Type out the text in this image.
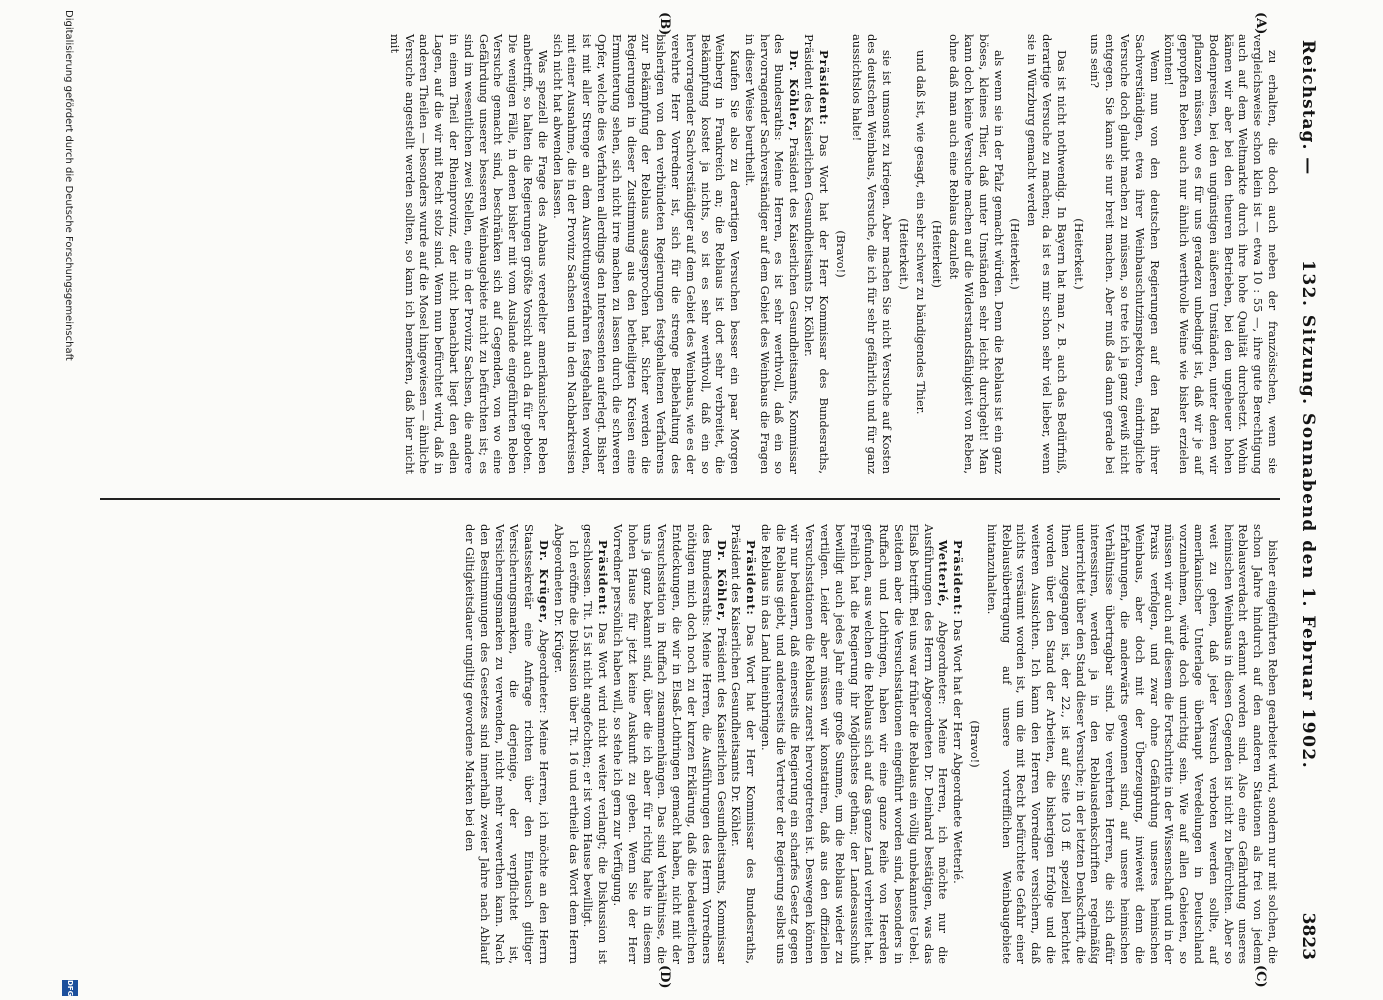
Reichstag. —
132. Sitzung. Sonnabend den 1. Februar 1902.
3823
(A)
(B)
(C)
(D)

zu erhalten, die doch auch neben der französischen, wenn sie vergleichsweise schon klein ist — etwa 10 : 55 —, ihre gute Berechtigung auch auf dem Weltmarkte durch ihre hohe Qualität durchsetzt. Wohin kämen wir aber bei den theuren Betrieben, bei den ungeheuer hohen Bodenpreisen, bei den ungünstigen äußeren Umständen, unter denen wir pflanzen müssen, wo es für uns geradezu unbedingt ist, daß wir je auf gepropften Reben auch nur ähnlich werthvolle Weine wie bisher erzielen könnten!

Wenn nun von den deutschen Regierungen auf den Rath ihrer Sachverständigen, etwa ihrer Weinbauschutzinspektoren, eindringliche Versuche doch glaubt machen zu müssen, so trete ich ja ganz gewiß nicht entgegen. Sie kann sie nur breit machen. Aber muß das dann gerade bei uns sein?

(Heiterkeit.)

Das ist nicht nothwendig. In Bayern hat man z. B. auch das Bedürfniß, derartige Versuche zu machen; da ist es mir schon sehr viel lieber, wenn sie in Würzburg gemacht werden

(Heiterkeit.)

als wenn sie in der Pfalz gemacht würden. Denn die Reblaus ist ein ganz böses, kleines Thier, daß unter Umständen sehr leicht durchgeht! Man kann doch keine Versuche machen auf die Widerstandsfähigkeit von Reben, ohne daß man auch eine Reblaus dazuleßt

(Heiterkeit)

und daß ist, wie gesagt, ein sehr schwer zu bändigendes Thier.

(Heiterkeit.)

sie ist umsonst zu kriegen. Aber machen Sie nicht Versuche auf Kosten des deutschen Weinbaus, Versuche, die ich für sehr gefährlich und für ganz aussichtslos halte!

(Bravo!)

Präsident: Das Wort hat der Herr Kommissar des Bundesraths, Präsident des Kaiserlichen Gesundheitsamts Dr. Köhler.

Dr. Köhler, Präsident des Kaiserlichen Gesundheitsamts, Kommissar des Bundesraths: Meine Herren, es ist sehr werthvoll, daß ein so hervorragender Sachverständiger auf dem Gebiet des Weinbaus die Fragen in dieser Weise beurtheilt.

Kaufen Sie also zu derartigen Versuchen besser ein paar Morgen Weinberg in Frankreich an; die Reblaus ist dort sehr verbreitet, die Bekämpfung kostet ja nichts, so ist es sehr werthvoll, daß ein so hervorragender Sachverständiger auf dem Gebiet des Weinbaus, wie es der verehrte Herr Vorredner ist, sich für die strenge Beibehaltung des bisherigen von den verbündeten Regierungen festgehaltenen Verfahrens zur Bekämpfung der Reblaus ausgesprochen hat. Sicher werden die Regierungen in dieser Zustimmung aus den betheiligten Kreisen eine Ermunterung sehen, sich nicht irre machen zu lassen durch die schweren Opfer, welche dies Verfahren allerdings den Interessenten auferlegt. Bisher ist mit aller Strenge an dem Ausrottungsverfahren festgehalten worden, mit einer Ausnahme, die in der Provinz Sachsen und in den Nachbarkreisen sich nicht hat abwenden lassen.

Was speziell die Frage des Anbaus veredelter amerikanischer Reben anbetrifft, so halten die Regierungen größte Vorsicht auch da für geboten. Die wenigen Fälle, in denen bisher mit vom Auslande eingeführten Reben Versuche gemacht sind, beschränken sich auf Gegenden, von wo eine Gefährdung unserer besseren Weinbaugebiete nicht zu befürchten ist; es sind im wesentlichen zwei Stellen, eine in der Provinz Sachsen, die andere in einem Theil der Rheinprovinz, der nicht benachbart liegt den edlen Lagen, auf die wir mit Recht stolz sind. Wenn nun befürchtet wird, daß in anderen Theilen — besonders wurde auf die Mosel hingewiesen — ähnliche Versuche angestellt werden sollten, so kann ich bemerken, daß hier nicht mit

bisher eingeführten Reben gearbeitet wird, sondern nur mit solchen, die schon Jahre hindurch auf den anderen Stationen als frei von jedem Reblausverdacht erkannt worden sind. Also eine Gefährdung unseres heimischen Weinbaus in diesen Gegenden ist nicht zu befürchten. Aber so weit zu gehen, daß jeder Versuch verboten werden sollte, auf amerikanischer Unterlage überhaupt Veredelungen in Deutschland vorzunehmen, würde doch unrichtig sein. Wie auf allen Gebieten, so müssen wir auch auf diesem die Fortschritte in der Wissenschaft und in der Praxis verfolgen, und zwar ohne Gefährdung unseres heimischen Weinbaus, aber doch mit der Überzeugung, inwieweit denn die Erfahrungen, die anderwärts gewonnen sind, auf unsere heimischen Verhältnisse übertragbar sind. Die verehrten Herren, die sich dafür interessiren, werden ja in den Reblausdenkschriften regelmäßig unterrichtet über den Stand dieser Versuche; in der letzten Denkschrift, die Ihnen zugegangen ist, der 22., ist auf Seite 103 ff. speziell berichtet worden über den Stand der Arbeiten, die bisherigen Erfolge und die weiteren Aussichten. Ich kann den Herren Vorredner versichern, daß nichts versäumt worden ist, um die mit Recht befürchtete Gefahr einer Reblausübertragung auf unsere vortrefflichen Weinbaugebiete hintanzuhalten.

(Bravo!)

Präsident: Das Wort hat der Herr Abgeordnete Wetterlé.

Wetterlé, Abgeordneter: Meine Herren, ich möchte nur die Ausführungen des Herrn Abgeordneten Dr. Deinhard bestätigen, was das Elsaß betrifft. Bei uns war früher die Reblaus ein völlig unbekanntes Uebel. Seitdem aber die Versuchsstationen eingeführt worden sind, besonders in Ruffach und Lothringen, haben wir eine ganze Reihe von Heerden gefunden, aus welchen die Reblaus sich auf das ganze Land verbreitet hat. Freilich hat die Regierung ihr Möglichstes gethan; der Landesausschuß bewilligt auch jedes Jahr eine große Summe, um die Reblaus wieder zu vertilgen. Leider aber müssen wir konstatiren, daß aus den offiziellen Versuchsstationen die Reblaus zuerst hervorgetreten ist. Deswegen können wir nur bedauern, daß einerseits die Regierung ein scharfes Gesetz gegen die Reblaus giebt, und andererseits die Vertreter der Regierung selbst uns die Reblaus in das Land hineinbringen.

Präsident: Das Wort hat der Herr Kommissar des Bundesraths, Präsident des Kaiserlichen Gesundheitsamts Dr. Köhler.

Dr. Köhler, Präsident des Kaiserlichen Gesundheitsamts, Kommissar des Bundesraths: Meine Herren, die Ausführungen des Herrn Vorredners nöthigen mich doch noch zu der kurzen Erklärung, daß die bedauerlichen Entdeckungen, die wir in Elsaß-Lothringen gemacht haben, nicht mit der Versuchsstation in Ruffach zusammenhängen. Das sind Verhältnisse, die uns ja ganz bekannt sind, über die ich aber für richtig halte in diesem hohen Hause für jetzt keine Auskunft zu geben. Wenn Sie der Herr Vorredner persönlich haben will, so stehe ich gern zur Verfügung.

Präsident: Das Wort wird nicht weiter verlangt; die Diskussion ist geschlossen. Tit. 15 ist nicht angefochten; er ist vom Hause bewilligt.

Ich eröffne die Diskussion über Tit. 16 und ertheile das Wort dem Herrn Abgeordneten Dr. Krüger.

Dr. Krüger, Abgeordneter: Meine Herren, ich möchte an den Herrn Staatssekretär eine Anfrage richten über den Eintausch giltiger Versicherungsmarken, die derjenige, der verpflichtet ist, Versicherungsmarken zu verwenden, nicht mehr verwerthen kann. Nach den Bestimmungen des Gesetzes sind innerhalb zweier Jahre nach Ablauf der Giltigkeitsdauer ungiltig gewordene Marken bei den

Digitalisierung gefördert durch die Deutsche Forschungsgemeinschaft
DFG
